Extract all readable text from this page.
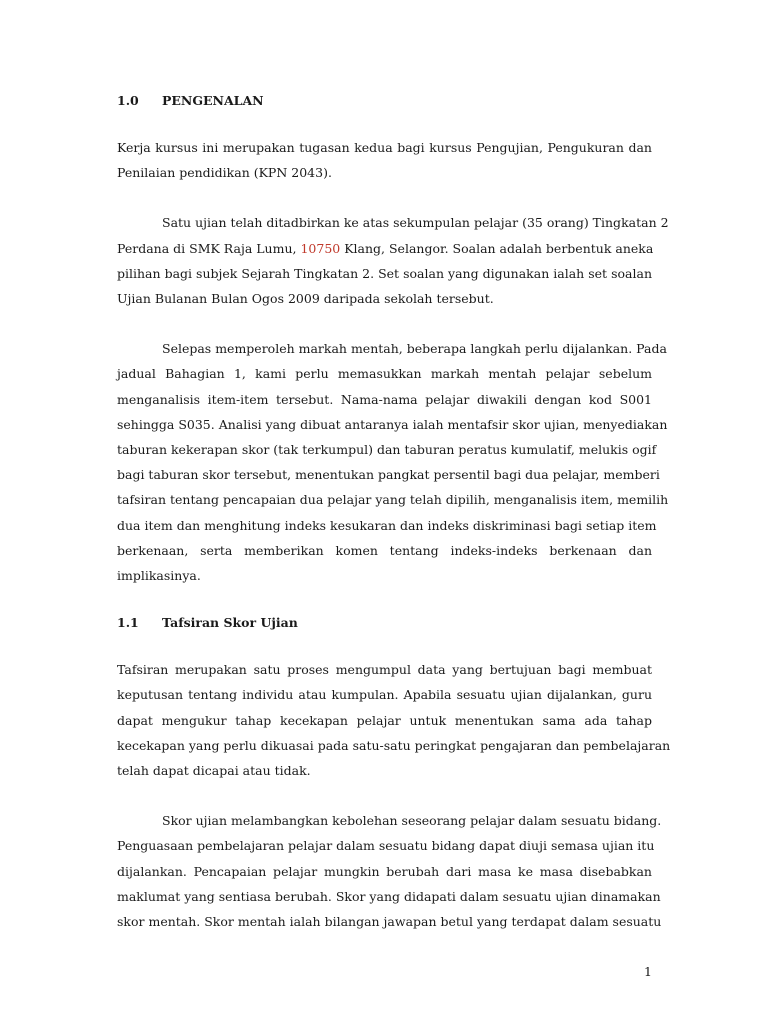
1.0 PENGENALAN
Kerja kursus ini merupakan tugasan kedua bagi kursus Pengujian, Pengukuran dan
Penilaian pendidikan (KPN 2043).
Satu ujian telah ditadbirkan ke atas sekumpulan pelajar (35 orang) Tingkatan 2
Perdana di SMK Raja Lumu, 10750 Klang, Selangor. Soalan adalah berbentuk aneka
pilihan bagi subjek Sejarah Tingkatan 2. Set soalan yang digunakan ialah set soalan
Ujian Bulanan Bulan Ogos 2009 daripada sekolah tersebut.
Selepas memperoleh markah mentah, beberapa langkah perlu dijalankan. Pada
jadual Bahagian 1, kami perlu memasukkan markah mentah pelajar sebelum
menganalisis item-item tersebut. Nama-nama pelajar diwakili dengan kod S001
sehingga S035. Analisi yang dibuat antaranya ialah mentafsir skor ujian, menyediakan
taburan kekerapan skor (tak terkumpul) dan taburan peratus kumulatif, melukis ogif
bagi taburan skor tersebut, menentukan pangkat persentil bagi dua pelajar, memberi
tafsiran tentang pencapaian dua pelajar yang telah dipilih, menganalisis item, memilih
dua item dan menghitung indeks kesukaran dan indeks diskriminasi bagi setiap item
berkenaan, serta memberikan komen tentang indeks-indeks berkenaan dan
implikasinya.
1.1 Tafsiran Skor Ujian
Tafsiran merupakan satu proses mengumpul data yang bertujuan bagi membuat
keputusan tentang individu atau kumpulan. Apabila sesuatu ujian dijalankan, guru
dapat mengukur tahap kecekapan pelajar untuk menentukan sama ada tahap
kecekapan yang perlu dikuasai pada satu-satu peringkat pengajaran dan pembelajaran
telah dapat dicapai atau tidak.
Skor ujian melambangkan kebolehan seseorang pelajar dalam sesuatu bidang.
Penguasaan pembelajaran pelajar dalam sesuatu bidang dapat diuji semasa ujian itu
dijalankan. Pencapaian pelajar mungkin berubah dari masa ke masa disebabkan
maklumat yang sentiasa berubah. Skor yang didapati dalam sesuatu ujian dinamakan
skor mentah. Skor mentah ialah bilangan jawapan betul yang terdapat dalam sesuatu
1
